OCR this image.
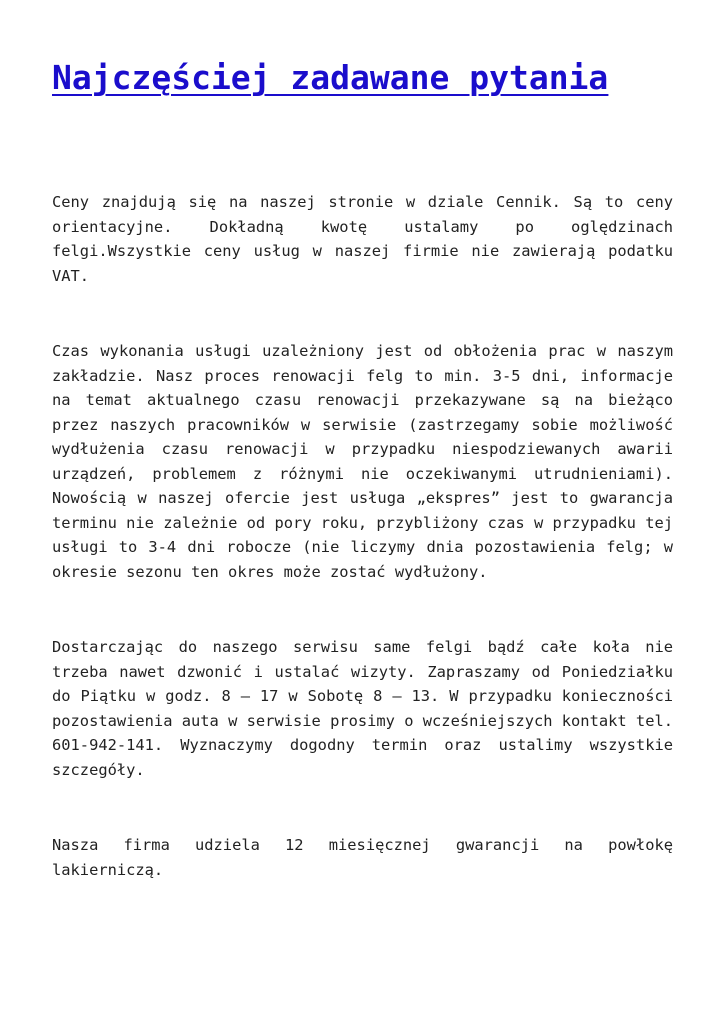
Najczęściej zadawane pytania

Ceny znajdują się na naszej stronie w dziale Cennik. Są to ceny orientacyjne. Dokładną kwotę ustalamy po oględzinach felgi.Wszystkie ceny usług w naszej firmie nie zawierają podatku VAT.

Czas wykonania usługi uzależniony jest od obłożenia prac w naszym zakładzie. Nasz proces renowacji felg to min. 3-5 dni, informacje na temat aktualnego czasu renowacji przekazywane są na bieżąco przez naszych pracowników w serwisie (zastrzegamy sobie możliwość wydłużenia czasu renowacji w przypadku niespodziewanych awarii urządzeń, problemem z różnymi nie oczekiwanymi utrudnieniami). Nowością w naszej ofercie jest usługa „ekspres” jest to gwarancja terminu nie zależnie od pory roku, przybliżony czas w przypadku tej usługi to 3-4 dni robocze (nie liczymy dnia pozostawienia felg; w okresie sezonu ten okres może zostać wydłużony.

Dostarczając do naszego serwisu same felgi bądź całe koła nie trzeba nawet dzwonić i ustalać wizyty. Zapraszamy od Poniedziałku do Piątku w godz. 8 – 17 w Sobotę 8 – 13. W przypadku konieczności pozostawienia auta w serwisie prosimy o wcześniejszych kontakt tel. 601-942-141. Wyznaczymy dogodny termin oraz ustalimy wszystkie szczegóły.

Nasza firma udziela 12 miesięcznej gwarancji na powłokę lakierniczą.
